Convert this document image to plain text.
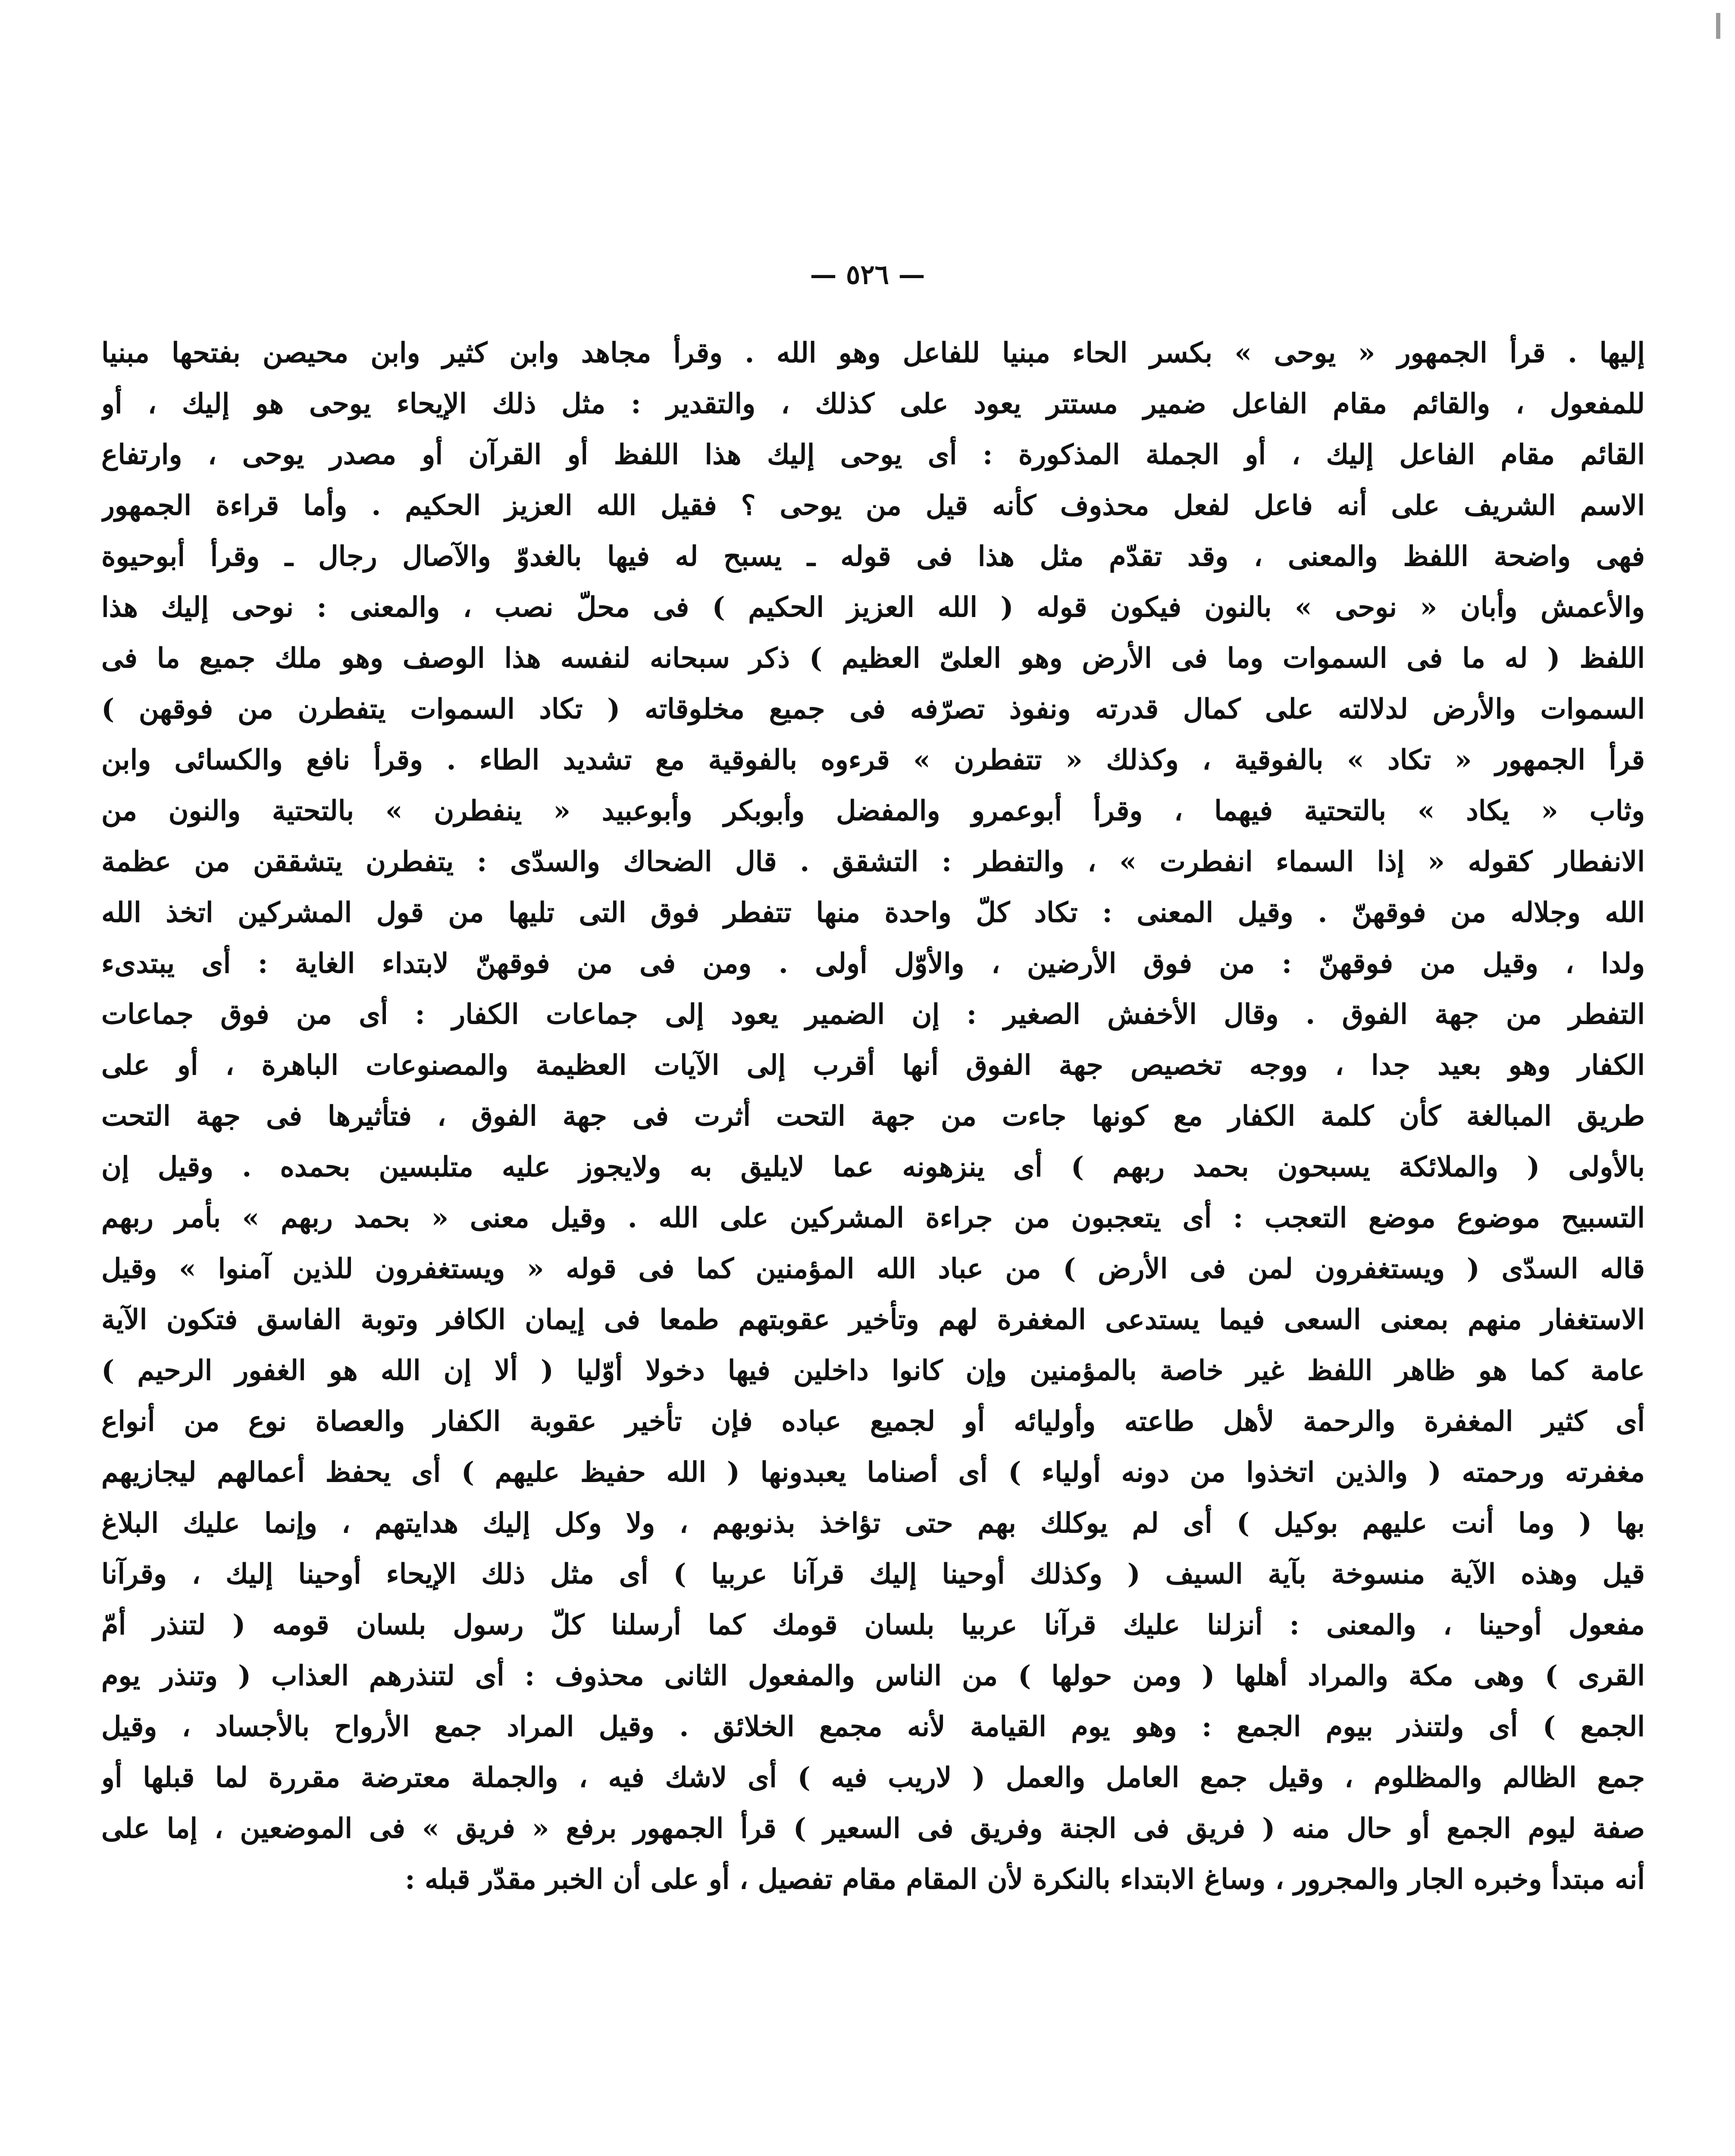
— ٥٢٦ —
إليها . قرأ الجمهور « يوحى » بكسر الحاء مبنيا للفاعل وهو الله . وقرأ مجاهد وابن كثير وابن محيصن بفتحها مبنيا
للمفعول ، والقائم مقام الفاعل ضمير مستتر يعود على كذلك ، والتقدير : مثل ذلك الإيحاء يوحى هو إليك ، أو
القائم مقام الفاعل إليك ، أو الجملة المذكورة : أى يوحى إليك هذا اللفظ أو القرآن أو مصدر يوحى ، وارتفاع
الاسم الشريف على أنه فاعل لفعل محذوف كأنه قيل من يوحى ؟ فقيل الله العزيز الحكيم . وأما قراءة الجمهور
فهى واضحة اللفظ والمعنى ، وقد تقدّم مثل هذا فى قوله ـ يسبح له فيها بالغدوّ والآصال رجال ـ وقرأ أبوحيوة
والأعمش وأبان « نوحى » بالنون فيكون قوله ( الله العزيز الحكيم ) فى محلّ نصب ، والمعنى : نوحى إليك هذا
اللفظ ( له ما فى السموات وما فى الأرض وهو العلىّ العظيم ) ذكر سبحانه لنفسه هذا الوصف وهو ملك جميع ما فى
السموات والأرض لدلالته على كمال قدرته ونفوذ تصرّفه فى جميع مخلوقاته ( تكاد السموات يتفطرن من فوقهن )
قرأ الجمهور « تكاد » بالفوقية ، وكذلك « تتفطرن » قرءوه بالفوقية مع تشديد الطاء . وقرأ نافع والكسائى وابن
وثاب « يكاد » بالتحتية فيهما ، وقرأ أبوعمرو والمفضل وأبوبكر وأبوعبيد « ينفطرن » بالتحتية والنون من
الانفطار كقوله « إذا السماء انفطرت » ، والتفطر : التشقق . قال الضحاك والسدّى : يتفطرن يتشققن من عظمة
الله وجلاله من فوقهنّ . وقيل المعنى : تكاد كلّ واحدة منها تتفطر فوق التى تليها من قول المشركين اتخذ الله
ولدا ، وقيل من فوقهنّ : من فوق الأرضين ، والأوّل أولى . ومن فى من فوقهنّ لابتداء الغاية : أى يبتدىء
التفطر من جهة الفوق . وقال الأخفش الصغير : إن الضمير يعود إلى جماعات الكفار : أى من فوق جماعات
الكفار وهو بعيد جدا ، ووجه تخصيص جهة الفوق أنها أقرب إلى الآيات العظيمة والمصنوعات الباهرة ، أو على
طريق المبالغة كأن كلمة الكفار مع كونها جاءت من جهة التحت أثرت فى جهة الفوق ، فتأثيرها فى جهة التحت
بالأولى ( والملائكة يسبحون بحمد ربهم ) أى ينزهونه عما لايليق به ولايجوز عليه متلبسين بحمده . وقيل إن
التسبيح موضوع موضع التعجب : أى يتعجبون من جراءة المشركين على الله . وقيل معنى « بحمد ربهم » بأمر ربهم
قاله السدّى ( ويستغفرون لمن فى الأرض ) من عباد الله المؤمنين كما فى قوله « ويستغفرون للذين آمنوا » وقيل
الاستغفار منهم بمعنى السعى فيما يستدعى المغفرة لهم وتأخير عقوبتهم طمعا فى إيمان الكافر وتوبة الفاسق فتكون الآية
عامة كما هو ظاهر اللفظ غير خاصة بالمؤمنين وإن كانوا داخلين فيها دخولا أوّليا ( ألا إن الله هو الغفور الرحيم )
أى كثير المغفرة والرحمة لأهل طاعته وأوليائه أو لجميع عباده فإن تأخير عقوبة الكفار والعصاة نوع من أنواع
مغفرته ورحمته ( والذين اتخذوا من دونه أولياء ) أى أصناما يعبدونها ( الله حفيظ عليهم ) أى يحفظ أعمالهم ليجازيهم
بها ( وما أنت عليهم بوكيل ) أى لم يوكلك بهم حتى تؤاخذ بذنوبهم ، ولا وكل إليك هدايتهم ، وإنما عليك البلاغ
قيل وهذه الآية منسوخة بآية السيف ( وكذلك أوحينا إليك قرآنا عربيا ) أى مثل ذلك الإيحاء أوحينا إليك ، وقرآنا
مفعول أوحينا ، والمعنى : أنزلنا عليك قرآنا عربيا بلسان قومك كما أرسلنا كلّ رسول بلسان قومه ( لتنذر أمّ
القرى ) وهى مكة والمراد أهلها ( ومن حولها ) من الناس والمفعول الثانى محذوف : أى لتنذرهم العذاب ( وتنذر يوم
الجمع ) أى ولتنذر بيوم الجمع : وهو يوم القيامة لأنه مجمع الخلائق . وقيل المراد جمع الأرواح بالأجساد ، وقيل
جمع الظالم والمظلوم ، وقيل جمع العامل والعمل ( لاريب فيه ) أى لاشك فيه ، والجملة معترضة مقررة لما قبلها أو
صفة ليوم الجمع أو حال منه ( فريق فى الجنة وفريق فى السعير ) قرأ الجمهور برفع « فريق » فى الموضعين ، إما على
أنه مبتدأ وخبره الجار والمجرور ، وساغ الابتداء بالنكرة لأن المقام مقام تفصيل ، أو على أن الخبر مقدّر قبله :
